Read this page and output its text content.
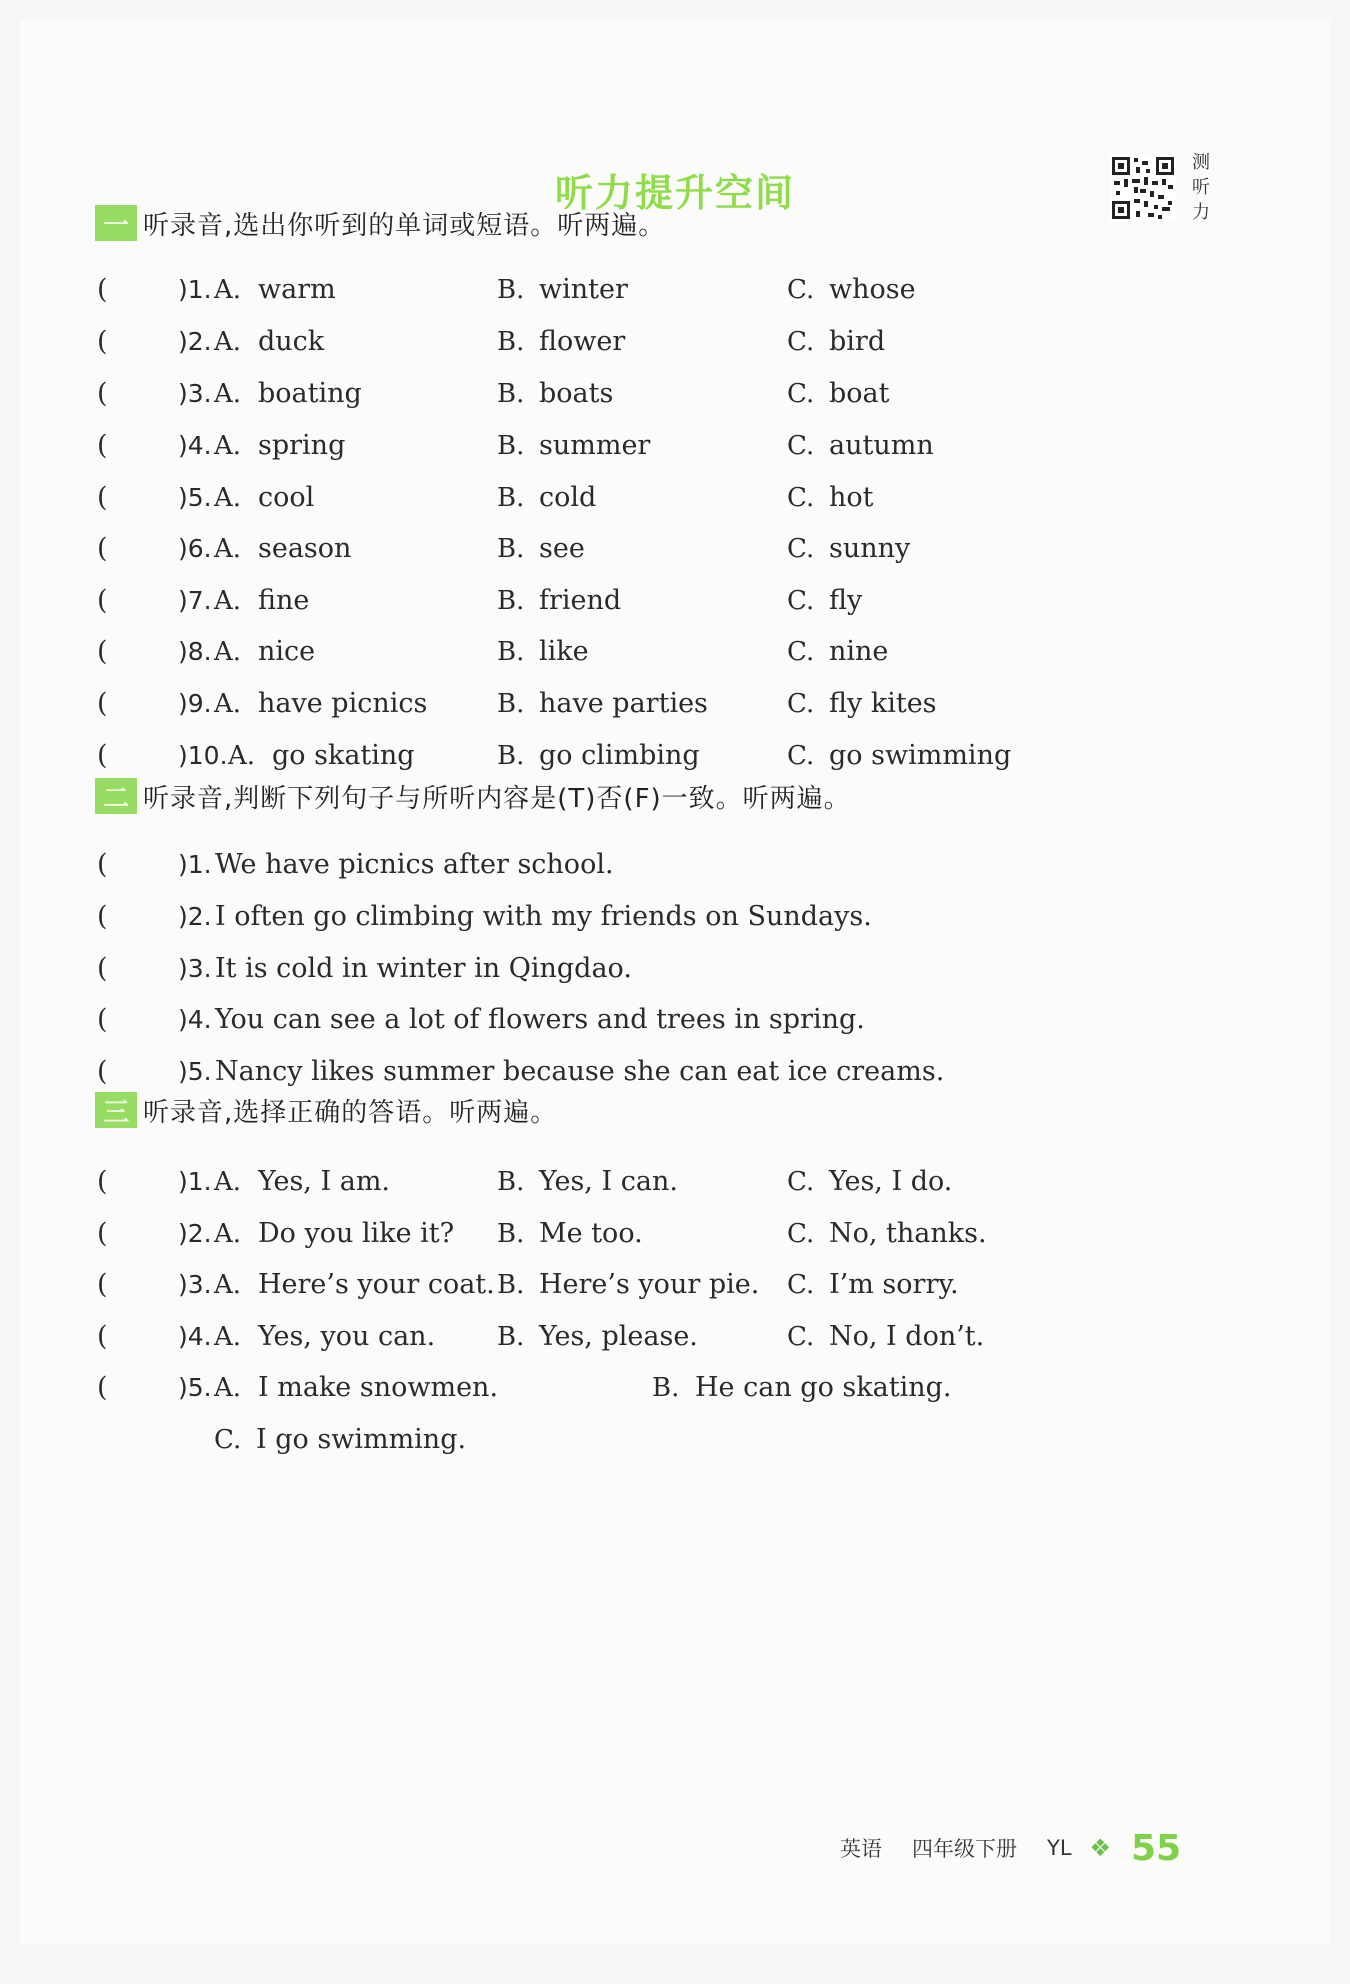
听力提升空间
测
听
力
一 听录音,选出你听到的单词或短语。听两遍。
(	)1. A. warm	B. winter	C. whose
(	)2. A. duck	B. flower	C. bird
(	)3. A. boating	B. boats	C. boat
(	)4. A. spring	B. summer	C. autumn
(	)5. A. cool	B. cold	C. hot
(	)6. A. season	B. see	C. sunny
(	)7. A. fine	B. friend	C. fly
(	)8. A. nice	B. like	C. nine
(	)9. A. have picnics	B. have parties	C. fly kites
(	)10. A. go skating	B. go climbing	C. go swimming
二 听录音,判断下列句子与所听内容是(T)否(F)一致。听两遍。
(	)1. We have picnics after school.
(	)2. I often go climbing with my friends on Sundays.
(	)3. It is cold in winter in Qingdao.
(	)4. You can see a lot of flowers and trees in spring.
(	)5. Nancy likes summer because she can eat ice creams.
三 听录音,选择正确的答语。听两遍。
(	)1. A. Yes, I am.	B. Yes, I can.	C. Yes, I do.
(	)2. A. Do you like it? B. Me too.	C. No, thanks.
(	)3. A. Here’s your coat. B. Here’s your pie. C. I’m sorry.
(	)4. A. Yes, you can. B. Yes, please.	C. No, I don’t.
(	)5. A. I make snowmen.	B. He can go skating.
C. I go swimming.
英语 四年级下册 YL ❖ 55
